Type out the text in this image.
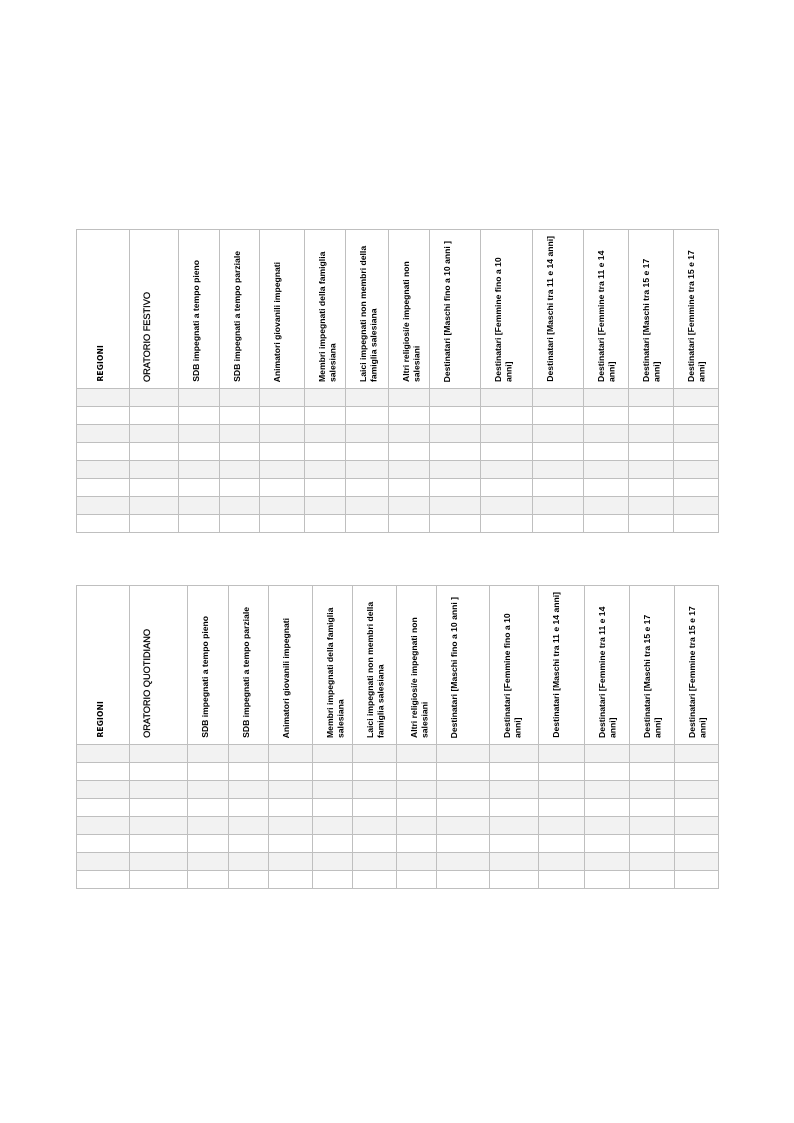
REGIONI	ORATORIO FESTIVO	SDB impegnati a tempo pieno	SDB impegnati a tempo parziale	Animatori giovanili impegnati	Membri impegnati della famiglia salesiana	Laici impegnati non membri della famiglia salesiana	Altri religiosi/e impegnati non salesiani	Destinatari [Maschi fino a 10 anni ]	Destinatari [Femmine fino a 10 anni]	Destinatari [Maschi tra 11 e 14 anni]	Destinatari [Femmine tra 11 e 14 anni]	Destinatari [Maschi tra 15 e 17 anni]	Destinatari [Femmine tra 15 e 17 anni]

REGIONI	ORATORIO QUOTIDIANO	SDB impegnati a tempo pieno	SDB impegnati a tempo parziale	Animatori giovanili impegnati	Membri impegnati della famiglia salesiana	Laici impegnati non membri della famiglia salesiana	Altri religiosi/e impegnati non salesiani	Destinatari [Maschi fino a 10 anni ]	Destinatari [Femmine fino a 10 anni]	Destinatari [Maschi tra 11 e 14 anni]	Destinatari [Femmine tra 11 e 14 anni]	Destinatari [Maschi tra 15 e 17 anni]	Destinatari [Femmine tra 15 e 17 anni]
